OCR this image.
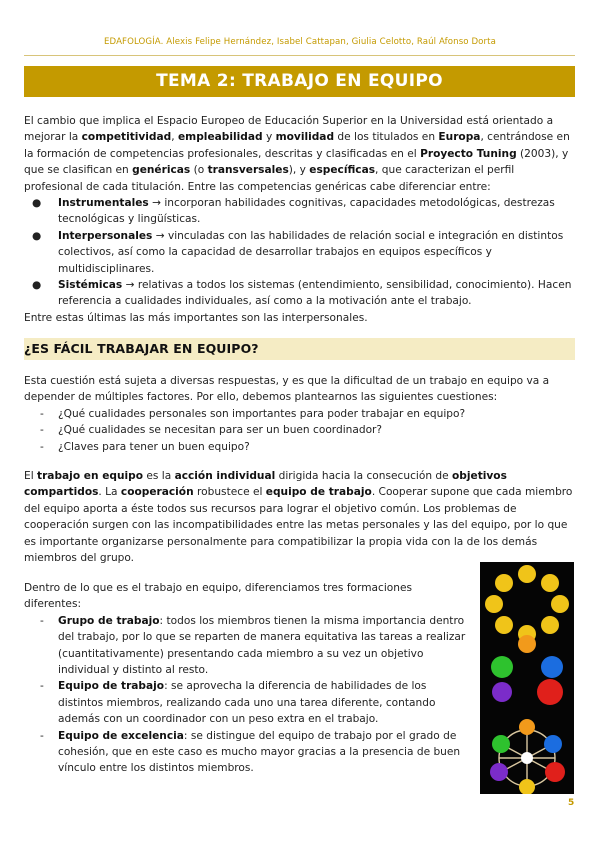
EDAFOLOGÍA. Alexis Felipe Hernández, Isabel Cattapan, Giulia Celotto, Raúl Afonso Dorta
TEMA 2: TRABAJO EN EQUIPO
El cambio que implica el Espacio Europeo de Educación Superior en la Universidad está orientado a mejorar la competitividad, empleabilidad y movilidad de los titulados en Europa, centrándose en la formación de competencias profesionales, descritas y clasificadas en el Proyecto Tuning (2003), y que se clasifican en genéricas (o transversales), y específicas, que caracterizan el perfil profesional de cada titulación. Entre las competencias genéricas cabe diferenciar entre:
● Instrumentales → incorporan habilidades cognitivas, capacidades metodológicas, destrezas tecnológicas y lingüísticas.
● Interpersonales → vinculadas con las habilidades de relación social e integración en distintos colectivos, así como la capacidad de desarrollar trabajos en equipos específicos y multidisciplinares.
● Sistémicas → relativas a todos los sistemas (entendimiento, sensibilidad, conocimiento). Hacen referencia a cualidades individuales, así como a la motivación ante el trabajo.
Entre estas últimas las más importantes son las interpersonales.
¿ES FÁCIL TRABAJAR EN EQUIPO?
Esta cuestión está sujeta a diversas respuestas, y es que la dificultad de un trabajo en equipo va a depender de múltiples factores. Por ello, debemos plantearnos las siguientes cuestiones:
- ¿Qué cualidades personales son importantes para poder trabajar en equipo?
- ¿Qué cualidades se necesitan para ser un buen coordinador?
- ¿Claves para tener un buen equipo?
El trabajo en equipo es la acción individual dirigida hacia la consecución de objetivos compartidos. La cooperación robustece el equipo de trabajo. Cooperar supone que cada miembro del equipo aporta a éste todos sus recursos para lograr el objetivo común. Los problemas de cooperación surgen con las incompatibilidades entre las metas personales y las del equipo, por lo que es importante organizarse personalmente para compatibilizar la propia vida con la de los demás miembros del grupo.
Dentro de lo que es el trabajo en equipo, diferenciamos tres formaciones diferentes:
- Grupo de trabajo: todos los miembros tienen la misma importancia dentro del trabajo, por lo que se reparten de manera equitativa las tareas a realizar (cuantitativamente) presentando cada miembro a su vez un objetivo individual y distinto al resto.
- Equipo de trabajo: se aprovecha la diferencia de habilidades de los distintos miembros, realizando cada uno una tarea diferente, contando además con un coordinador con un peso extra en el trabajo.
- Equipo de excelencia: se distingue del equipo de trabajo por el grado de cohesión, que en este caso es mucho mayor gracias a la presencia de buen vínculo entre los distintos miembros.
5
